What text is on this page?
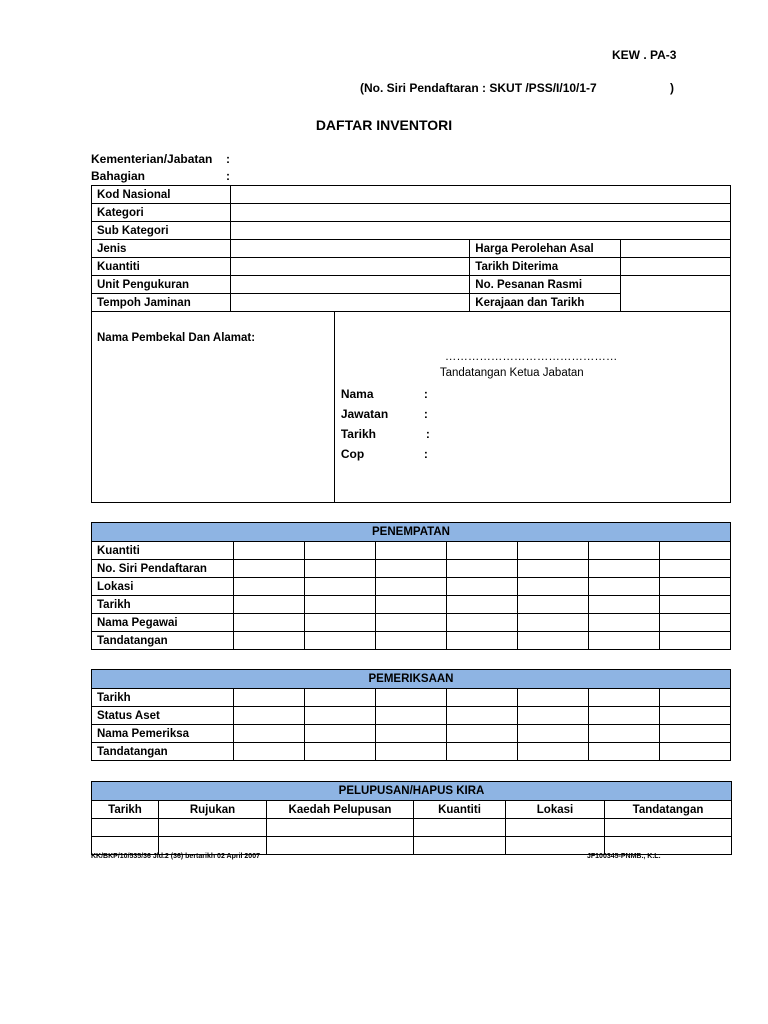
KEW . PA-3
(No. Siri Pendaftaran : SKUT /PSS/I/10/1-7	)
DAFTAR INVENTORI
Kementerian/Jabatan :
Bahagian	:
Kod Nasional			
Kategori			
Sub Kategori			
Jenis		Harga Perolehan Asal	
Kuantiti		Tarikh Diterima	
Unit Pengukuran		No. Pesanan Rasmi	
Tempoh Jaminan		Kerajaan dan Tarikh	
Nama Pembekal Dan Alamat:	
………………………………………
Tandatangan Ketua Jabatan
Nama	:
Jawatan	:
Tarikh	:
Cop	:
PENEMPATAN							
Kuantiti							
No. Siri Pendaftaran							
Lokasi							
Tarikh							
Nama Pegawai							
Tandatangan							
PEMERIKSAAN							
Tarikh							
Status Aset							
Nama Pemeriksa							
Tandatangan							
PELUPUSAN/HAPUS KIRA					
Tarikh	Rujukan	Kaedah Pelupusan	Kuantiti	Lokasi	Tandatangan

KK/BKP/10/535/36 Jld.2 (36) bertarikh 02 April 2007	JF100345-PNMB., K.L.
